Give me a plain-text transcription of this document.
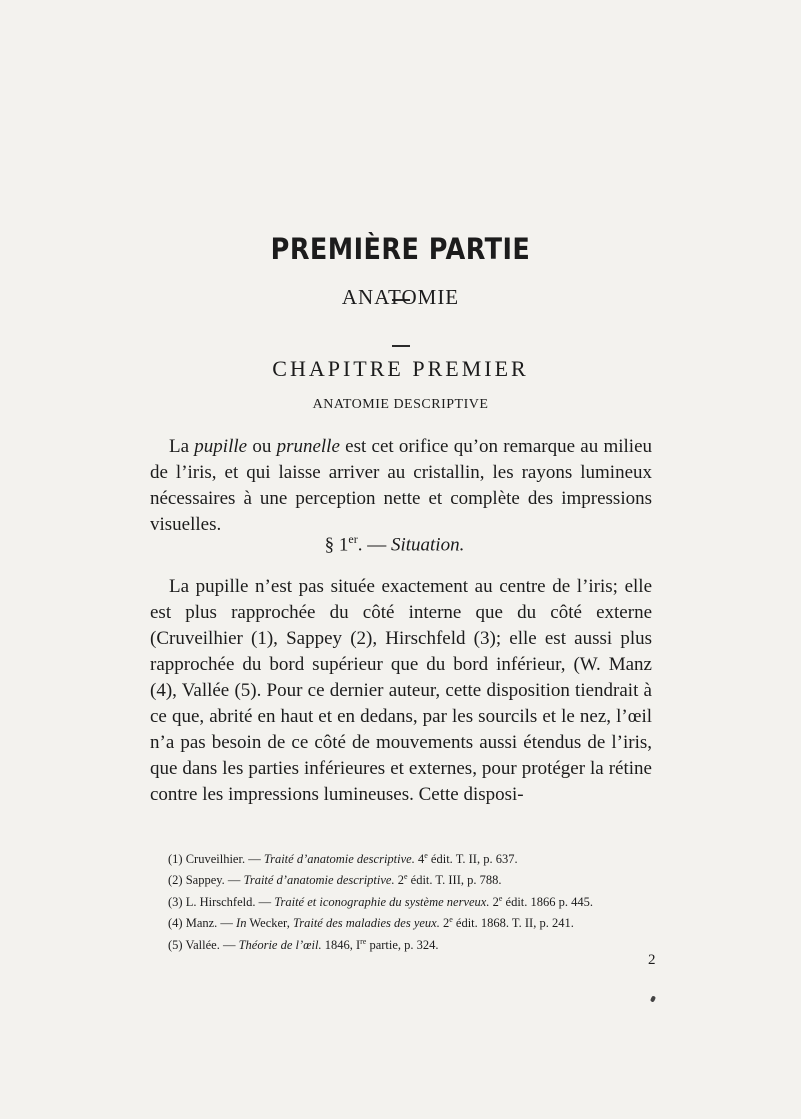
PREMIÈRE PARTIE
ANATOMIE
CHAPITRE PREMIER
ANATOMIE DESCRIPTIVE
La pupille ou prunelle est cet orifice qu’on remarque au milieu de l’iris, et qui laisse arriver au cristallin, les rayons lumineux nécessaires à une perception nette et complète des impressions visuelles.
§ 1er. — Situation.
La pupille n’est pas située exactement au centre de l’iris; elle est plus rapprochée du côté interne que du côté externe (Cruveilhier (1), Sappey (2), Hirschfeld (3); elle est aussi plus rapprochée du bord supérieur que du bord inférieur, (W. Manz (4), Vallée (5). Pour ce dernier auteur, cette disposition tiendrait à ce que, abrité en haut et en dedans, par les sourcils et le nez, l’œil n’a pas besoin de ce côté de mouvements aussi étendus de l’iris, que dans les parties inférieures et externes, pour protéger la rétine contre les impressions lumineuses. Cette disposi-
(1) Cruveilhier. — Traité d’anatomie descriptive. 4e édit. T. II, p. 637.
(2) Sappey. — Traité d’anatomie descriptive. 2e édit. T. III, p. 788.
(3) L. Hirschfeld. — Traité et iconographie du système nerveux. 2e édit. 1866 p. 445.
(4) Manz. — In Wecker, Traité des maladies des yeux. 2e édit. 1868. T. II, p. 241.
(5) Vallée. — Théorie de l’œil. 1846, Ire partie, p. 324.
2
